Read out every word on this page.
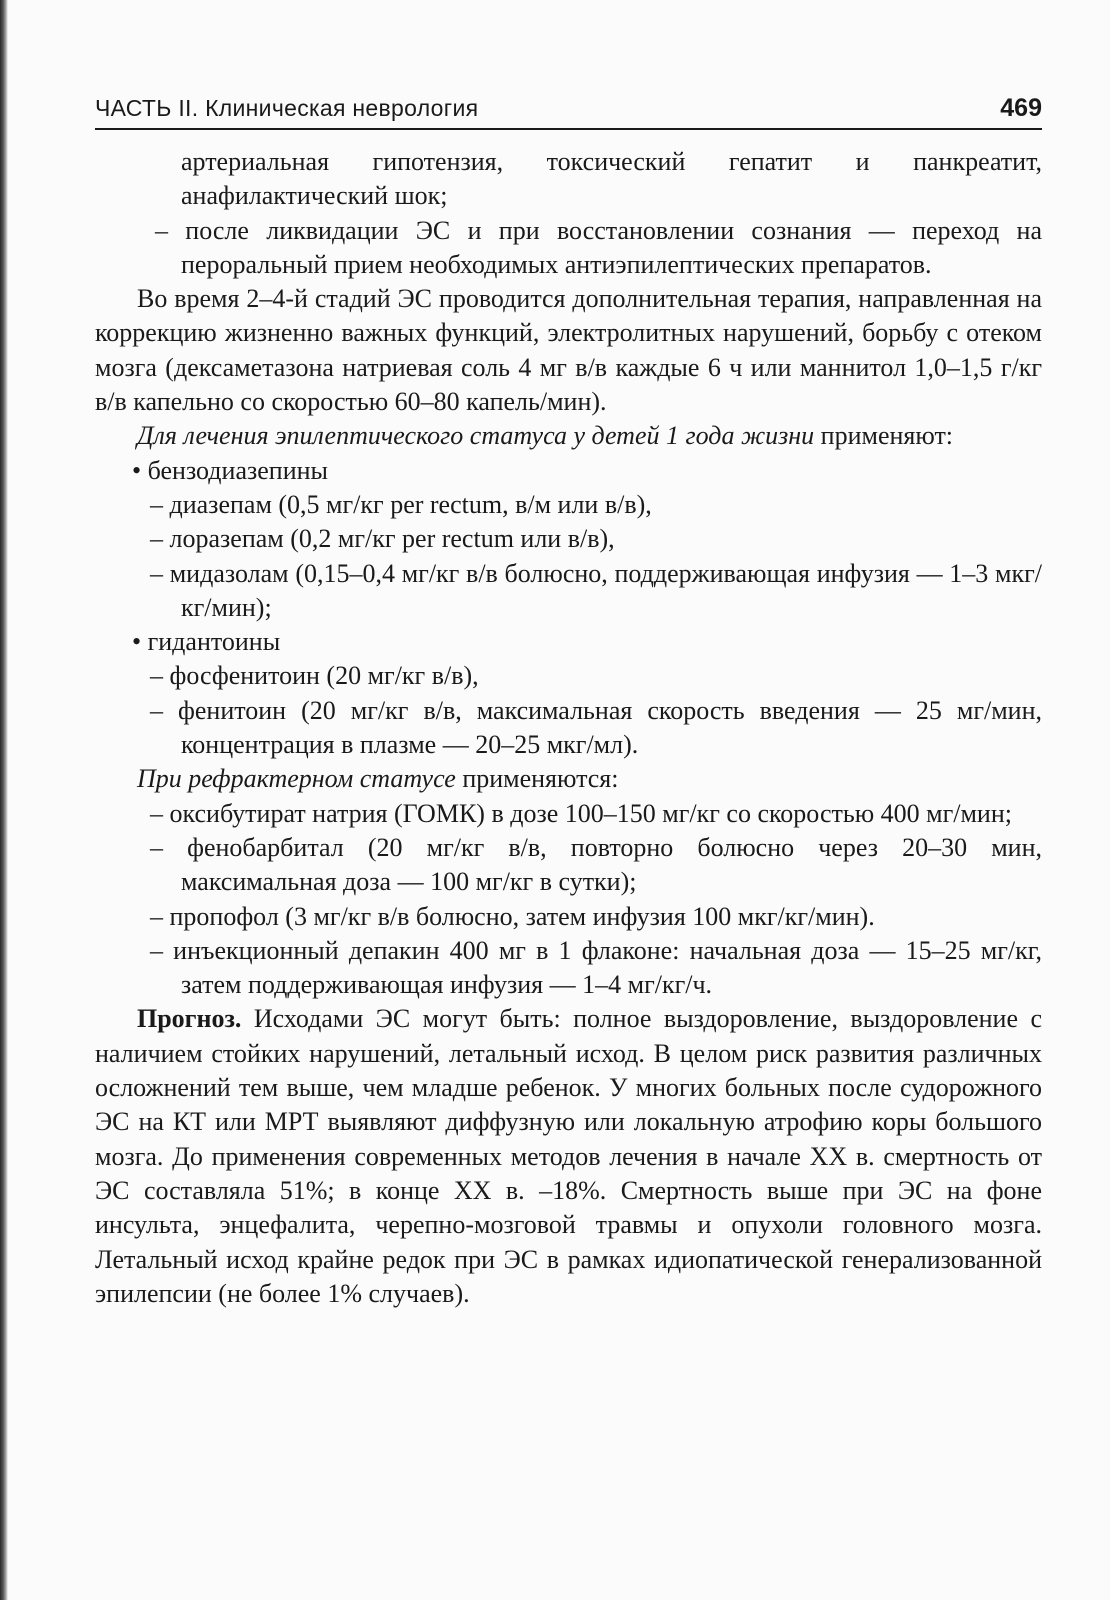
ЧАСТЬ II. Клиническая неврология	469

артериальная гипотензия, токсический гепатит и панкреатит, анафилактический шок;

– после ликвидации ЭС и при восстановлении сознания — переход на пероральный прием необходимых антиэпилептических препаратов.

Во время 2–4-й стадий ЭС проводится дополнительная терапия, направленная на коррекцию жизненно важных функций, электролитных нарушений, борьбу с отеком мозга (дексаметазона натриевая соль 4 мг в/в каждые 6 ч или маннитол 1,0–1,5 г/кг в/в капельно со скоростью 60–80 капель/мин).

Для лечения эпилептического статуса у детей 1 года жизни применяют:

• бензодиазепины

– диазепам (0,5 мг/кг per rectum, в/м или в/в),

– лоразепам (0,2 мг/кг per rectum или в/в),

– мидазолам (0,15–0,4 мг/кг в/в болюсно, поддерживающая инфузия — 1–3 мкг/кг/мин);

• гидантоины

– фосфенитоин (20 мг/кг в/в),

– фенитоин (20 мг/кг в/в, максимальная скорость введения — 25 мг/мин, концентрация в плазме — 20–25 мкг/мл).

При рефрактерном статусе применяются:

– оксибутират натрия (ГОМК) в дозе 100–150 мг/кг со скоростью 400 мг/мин;

– фенобарбитал (20 мг/кг в/в, повторно болюсно через 20–30 мин, максимальная доза — 100 мг/кг в сутки);

– пропофол (3 мг/кг в/в болюсно, затем инфузия 100 мкг/кг/мин).

– инъекционный депакин 400 мг в 1 флаконе: начальная доза — 15–25 мг/кг, затем поддерживающая инфузия — 1–4 мг/кг/ч.

Прогноз. Исходами ЭС могут быть: полное выздоровление, выздоровление с наличием стойких нарушений, летальный исход. В целом риск развития различных осложнений тем выше, чем младше ребенок. У многих больных после судорожного ЭС на КТ или МРТ выявляют диффузную или локальную атрофию коры большого мозга. До применения современных методов лечения в начале XX в. смертность от ЭС составляла 51%; в конце XX в. –18%. Смертность выше при ЭС на фоне инсульта, энцефалита, черепно-мозговой травмы и опухоли головного мозга. Летальный исход крайне редок при ЭС в рамках идиопатической генерализованной эпилепсии (не более 1% случаев).
